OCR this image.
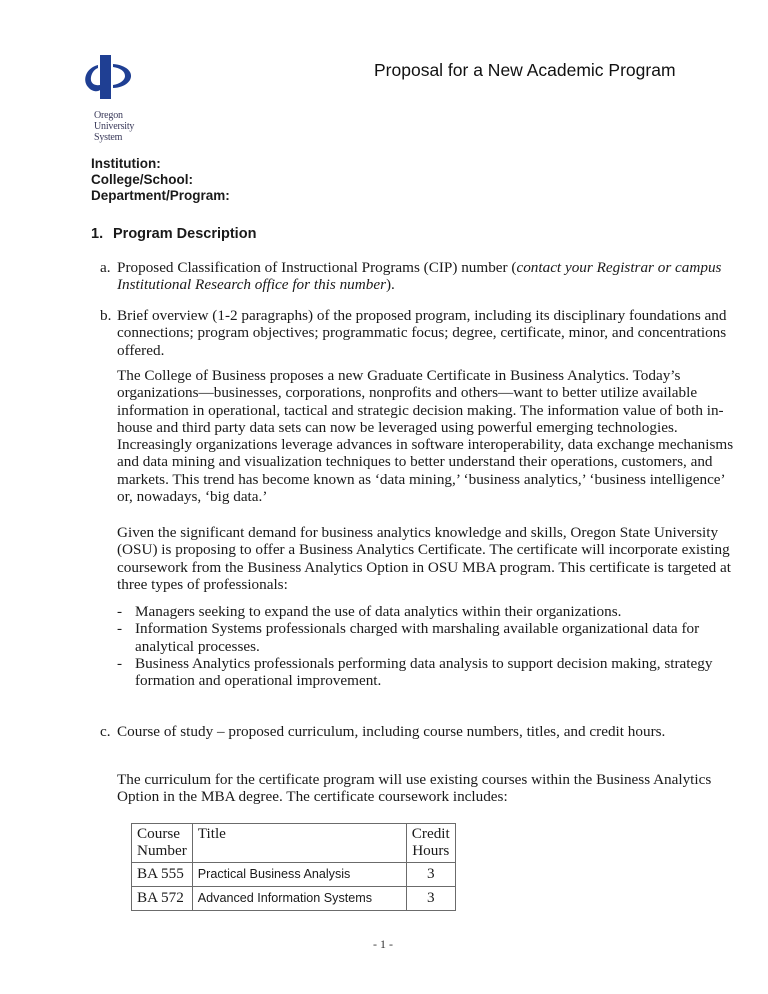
Oregon
University
System
Proposal for a New Academic Program
Institution:
College/School:
Department/Program:
1. Program Description
a. Proposed Classification of Instructional Programs (CIP) number (contact your Registrar or campus Institutional Research office for this number).
b. Brief overview (1-2 paragraphs) of the proposed program, including its disciplinary foundations and connections; program objectives; programmatic focus; degree, certificate, minor, and concentrations offered.
The College of Business proposes a new Graduate Certificate in Business Analytics. Today’s organizations—businesses, corporations, nonprofits and others—want to better utilize available information in operational, tactical and strategic decision making. The information value of both in-house and third party data sets can now be leveraged using powerful emerging technologies. Increasingly organizations leverage advances in software interoperability, data exchange mechanisms and data mining and visualization techniques to better understand their operations, customers, and markets. This trend has become known as ‘data mining,’ ‘business analytics,’ ‘business intelligence’ or, nowadays, ‘big data.’
Given the significant demand for business analytics knowledge and skills, Oregon State University (OSU) is proposing to offer a Business Analytics Certificate. The certificate will incorporate existing coursework from the Business Analytics Option in OSU MBA program. This certificate is targeted at three types of professionals:
- Managers seeking to expand the use of data analytics within their organizations.
- Information Systems professionals charged with marshaling available organizational data for analytical processes.
- Business Analytics professionals performing data analysis to support decision making, strategy formation and operational improvement.
c. Course of study – proposed curriculum, including course numbers, titles, and credit hours.
The curriculum for the certificate program will use existing courses within the Business Analytics Option in the MBA degree. The certificate coursework includes:
Course Number	Title	Credit Hours
BA 555	Practical Business Analysis	3
BA 572	Advanced Information Systems	3
- 1 -
